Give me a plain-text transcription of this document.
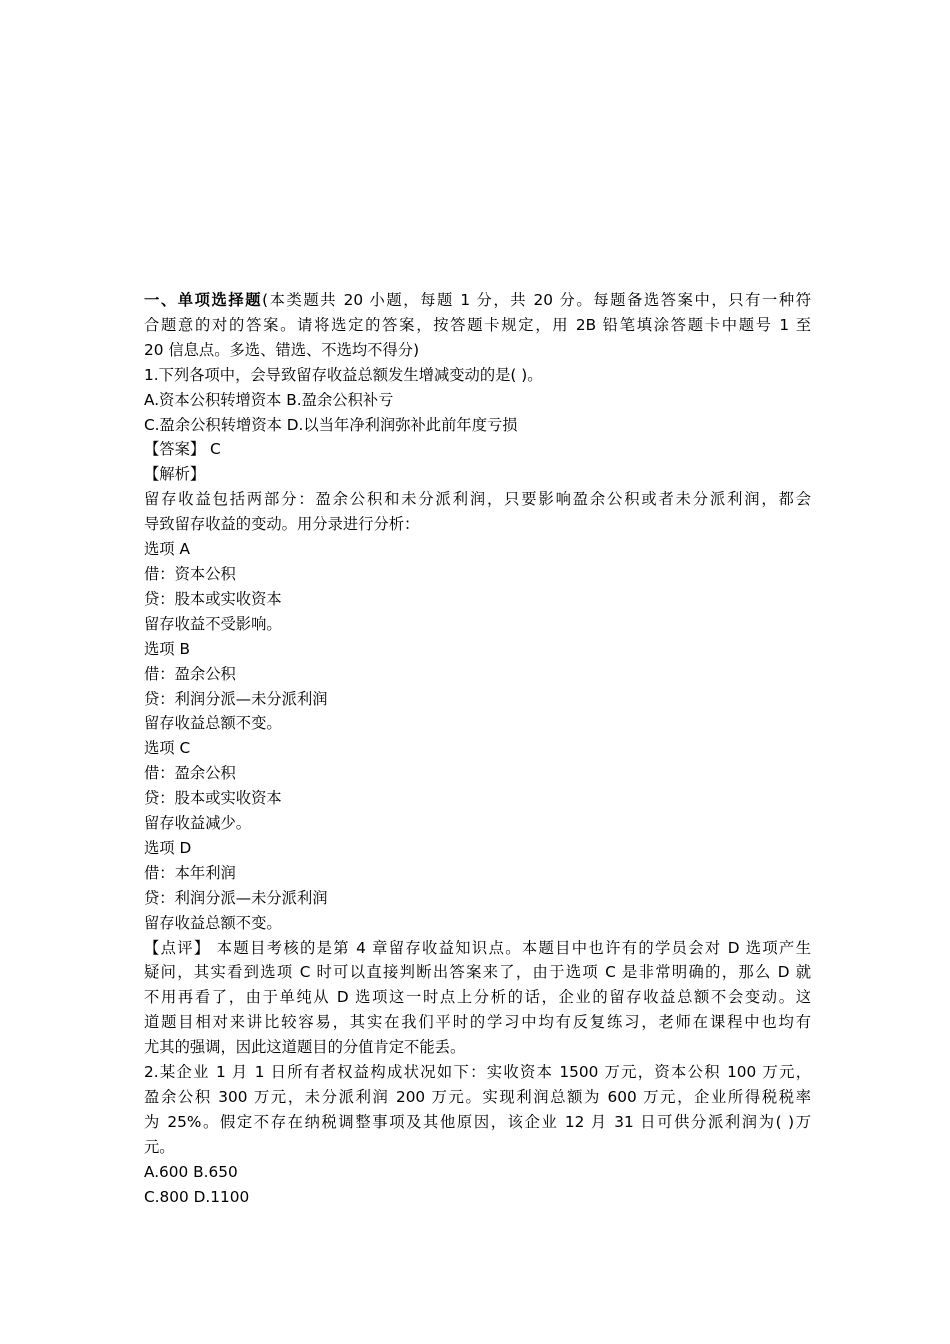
一、单项选择题(本类题共 20 小题，每题 1 分，共 20 分。每题备选答案中，只有一种符
合题意的对的答案。请将选定的答案，按答题卡规定，用 2B 铅笔填涂答题卡中题号 1 至
20 信息点。多选、错选、不选均不得分)
1.下列各项中，会导致留存收益总额发生增减变动的是( )。
A.资本公积转增资本 B.盈余公积补亏
C.盈余公积转增资本 D.以当年净利润弥补此前年度亏损
【答案】 C
【解析】
留存收益包括两部分：盈余公积和未分派利润，只要影响盈余公积或者未分派利润，都会
导致留存收益的变动。用分录进行分析：
选项 A
借：资本公积
贷：股本或实收资本
留存收益不受影响。
选项 B
借：盈余公积
贷：利润分派—未分派利润
留存收益总额不变。
选项 C
借：盈余公积
贷：股本或实收资本
留存收益减少。
选项 D
借：本年利润
贷：利润分派—未分派利润
留存收益总额不变。
【点评】 本题目考核的是第 4 章留存收益知识点。本题目中也许有的学员会对 D 选项产生
疑问，其实看到选项 C 时可以直接判断出答案来了，由于选项 C 是非常明确的，那么 D 就
不用再看了，由于单纯从 D 选项这一时点上分析的话，企业的留存收益总额不会变动。这
道题目相对来讲比较容易，其实在我们平时的学习中均有反复练习，老师在课程中也均有
尤其的强调，因此这道题目的分值肯定不能丢。
2.某企业 1 月 1 日所有者权益构成状况如下：实收资本 1500 万元，资本公积 100 万元，
盈余公积 300 万元，未分派利润 200 万元。实现利润总额为 600 万元，企业所得税税率
为 25%。假定不存在纳税调整事项及其他原因，该企业 12 月 31 日可供分派利润为( )万
元。
A.600 B.650
C.800 D.1100
